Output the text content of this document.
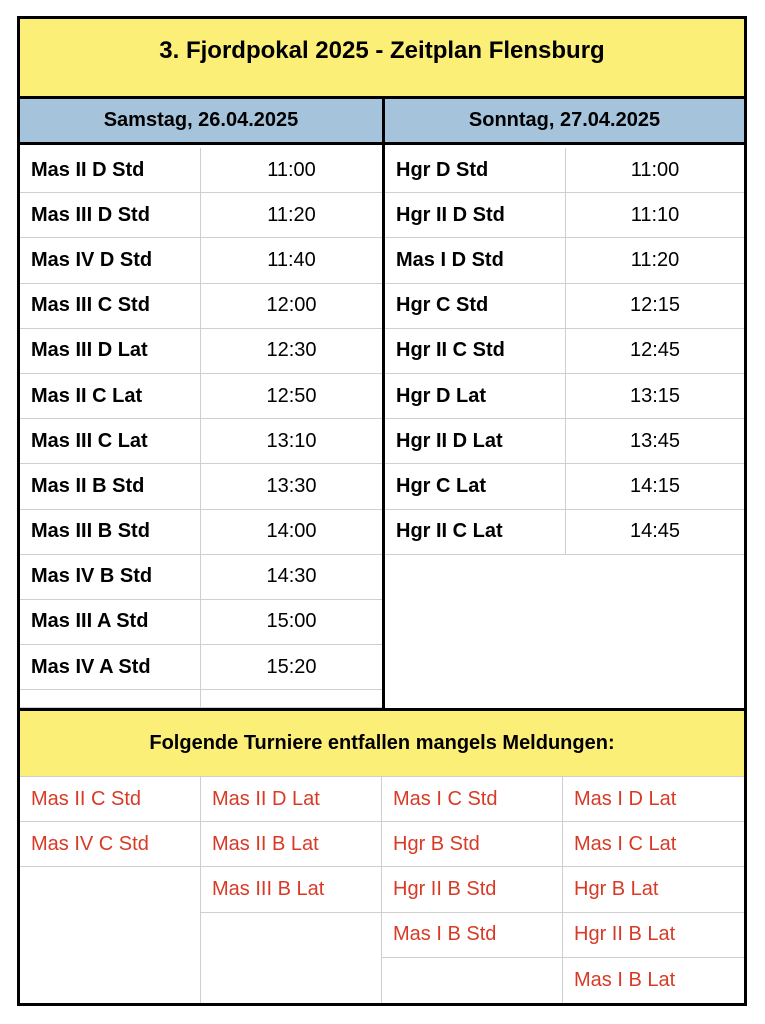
3. Fjordpokal 2025 - Zeitplan Flensburg
Samstag, 26.04.2025	Sonntag, 27.04.2025
Mas II D Std	11:00
Mas III D Std	11:20
Mas IV D Std	11:40
Mas III C Std	12:00
Mas III D Lat	12:30
Mas II C Lat	12:50
Mas III C Lat	13:10
Mas II B Std	13:30
Mas III B Std	14:00
Mas IV B Std	14:30
Mas III A Std	15:00
Mas IV A Std	15:20
Hgr D Std	11:00
Hgr II D Std	11:10
Mas I D Std	11:20
Hgr C Std	12:15
Hgr II C Std	12:45
Hgr D Lat	13:15
Hgr II D Lat	13:45
Hgr C Lat	14:15
Hgr II C Lat	14:45
Folgende Turniere entfallen mangels Meldungen:
Mas II C Std
Mas IV C Std
Mas II D Lat
Mas II B Lat
Mas III B Lat
Mas I C Std
Hgr B Std
Hgr II B Std
Mas I B Std
Mas I D Lat
Mas I C Lat
Hgr B Lat
Hgr II B Lat
Mas I B Lat
